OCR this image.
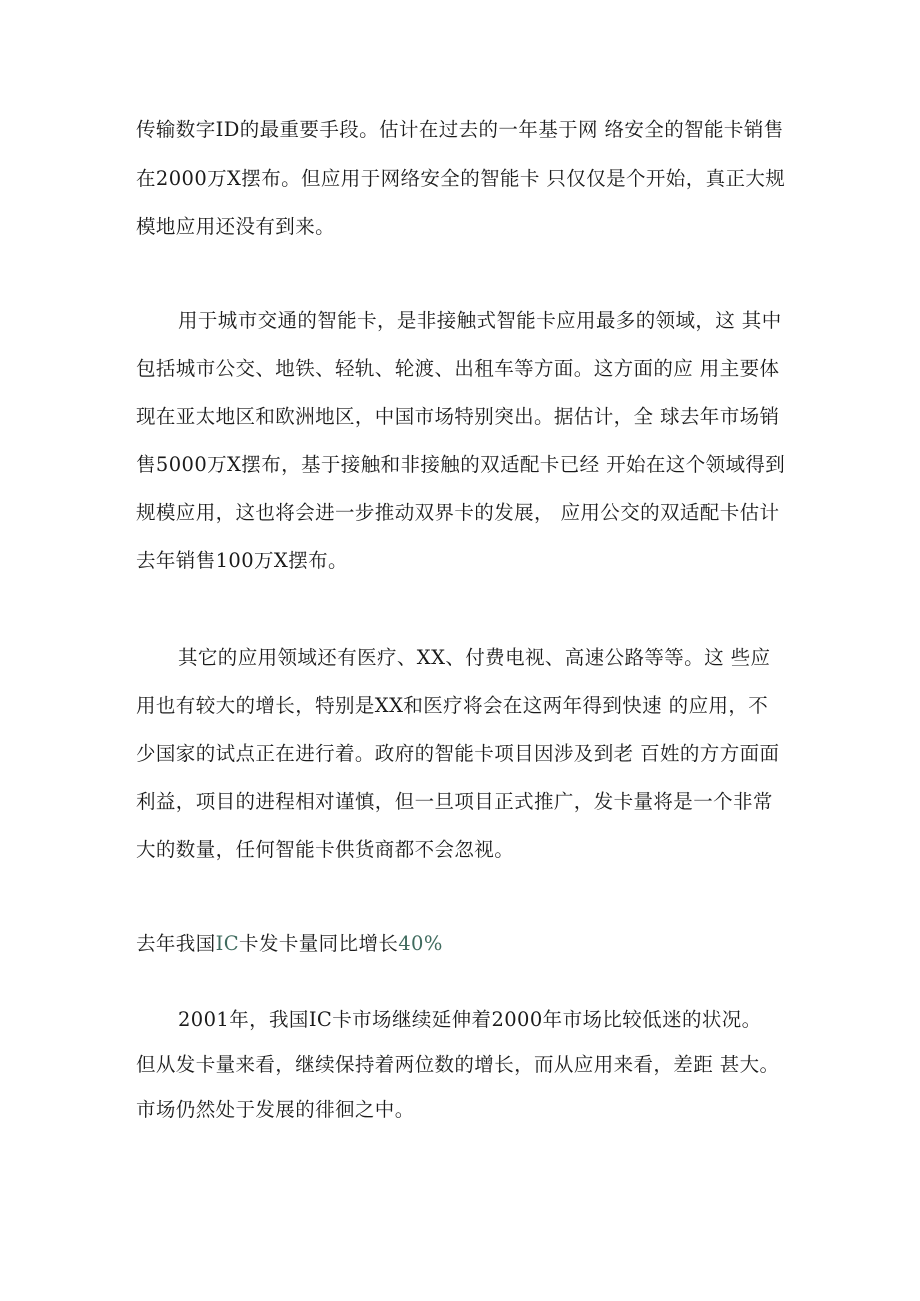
传输数字ID的最重要手段。估计在过去的一年基于网 络安全的智能卡销售
在2000万X摆布。但应用于网络安全的智能卡 只仅仅是个开始，真正大规
模地应用还没有到来。
用于城市交通的智能卡，是非接触式智能卡应用最多的领域，这 其中
包括城市公交、地铁、轻轨、轮渡、出租车等方面。这方面的应 用主要体
现在亚太地区和欧洲地区，中国市场特别突出。据估计，全 球去年市场销
售5000万X摆布，基于接触和非接触的双适配卡已经 开始在这个领域得到
规模应用，这也将会进一步推动双界卡的发展， 应用公交的双适配卡估计
去年销售100万X摆布。
其它的应用领域还有医疗、XX、付费电视、高速公路等等。这 些应
用也有较大的增长，特别是XX和医疗将会在这两年得到快速 的应用，不
少国家的试点正在进行着。政府的智能卡项目因涉及到老 百姓的方方面面
利益，项目的进程相对谨慎，但一旦项目正式推广，发卡量将是一个非常
大的数量，任何智能卡供货商都不会忽视。
去年我国IC卡发卡量同比增长40%
2001年，我国IC卡市场继续延伸着2000年市场比较低迷的状况。
但从发卡量来看，继续保持着两位数的增长，而从应用来看，差距 甚大。
市场仍然处于发展的徘徊之中。
